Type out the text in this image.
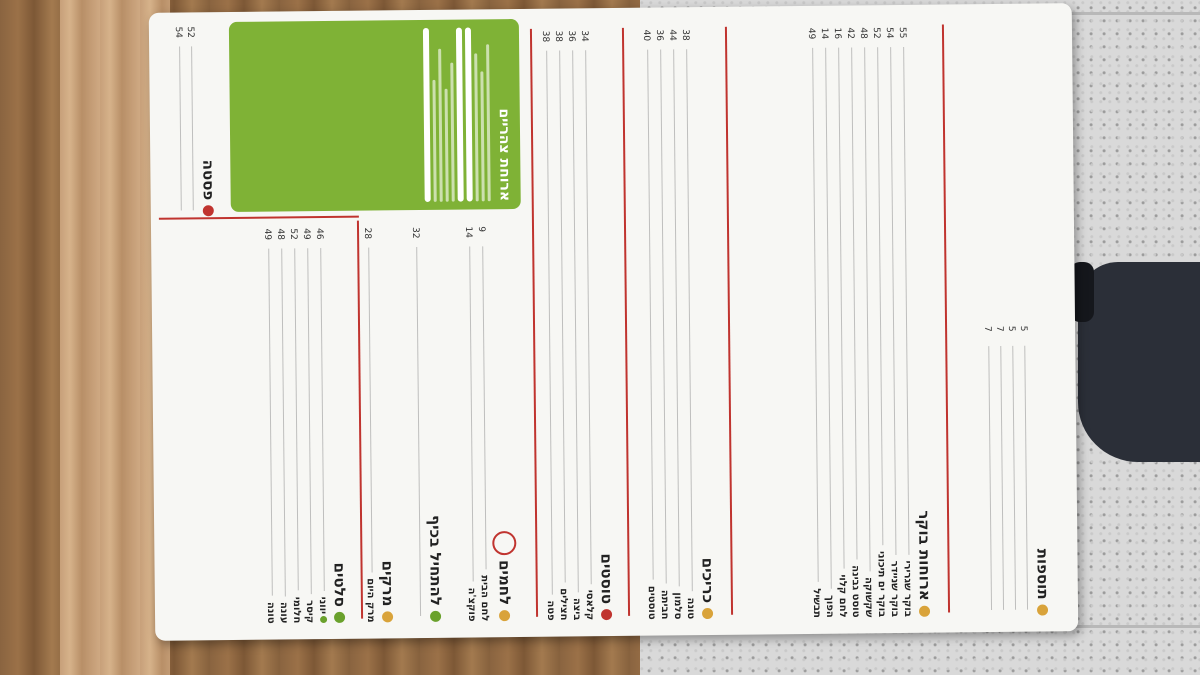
תוספות
5
5
7
7
ארוחות בוקר
בוקר שגרירי
55
בוקר שניידר
54
בוקר ים תיכוני
52
שקשוקה
48
טוסט גבינה
42
לחם קלוי
16
הפוך
14
תבשיל
49
כריכים
טונה
38
סלמון
44
חביתה
36
טוסטים
40
טוסטים
קלאסי
34
ביצה
36
חצילים
38
פטה
38
ארוחת צהריים
לחמים
לחם הבית
9
פוקצ'ה
14
להתחיל בכיף
32
מרקים
מרק היום
28
סלטים
יווני
46
קיסר
49
חלומי
52
עונה
48
טונה
49
פסטה
52
54
